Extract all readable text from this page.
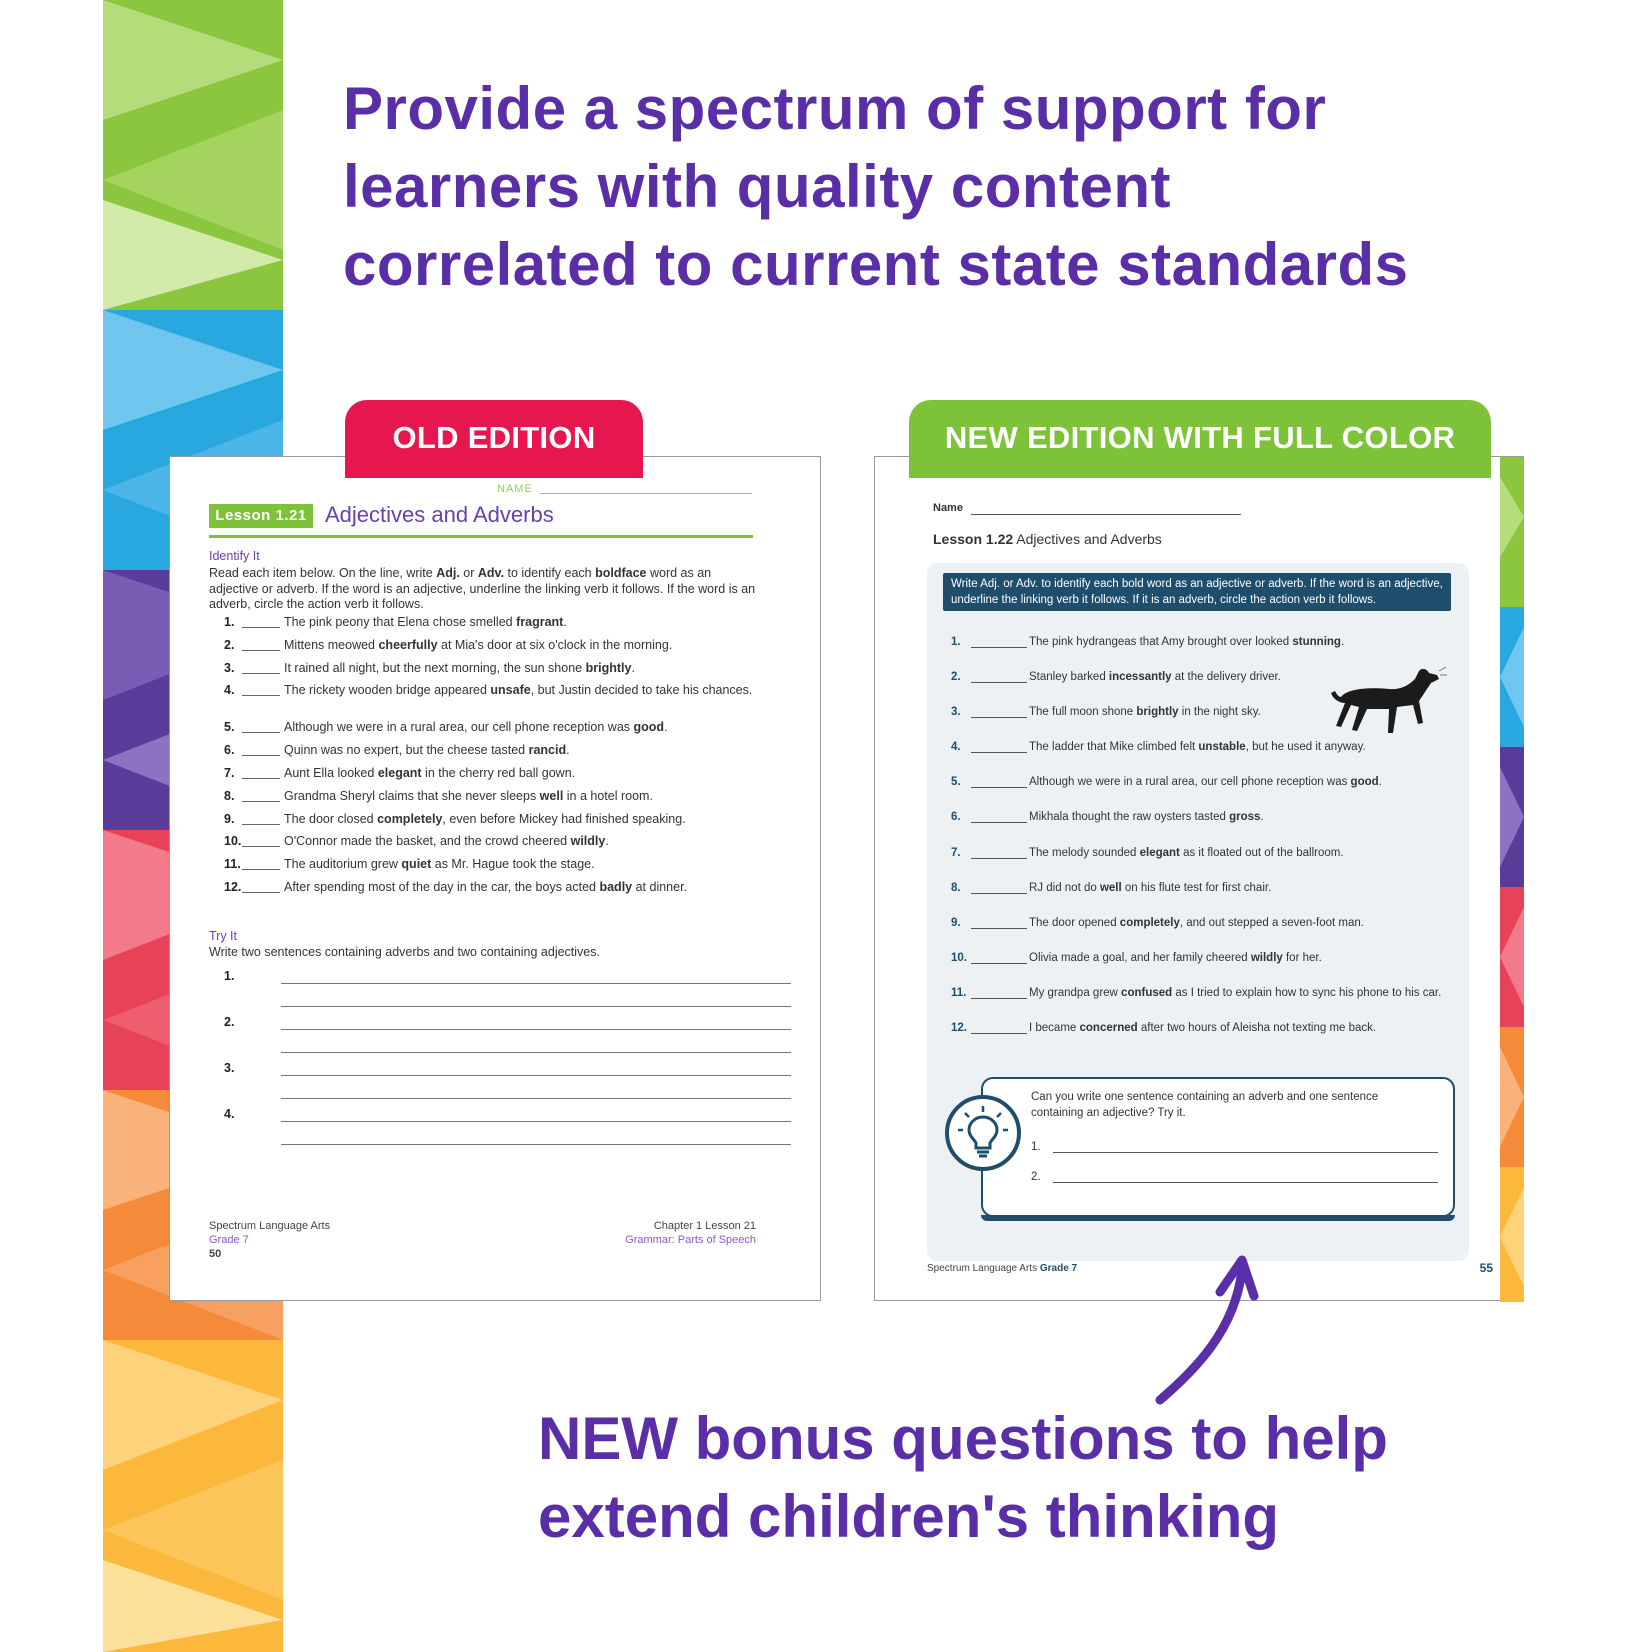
Provide a spectrum of support for
learners with quality content
correlated to current state standards
NAME
Lesson 1.21 Adjectives and Adverbs
Identify It

Read each item below. On the line, write Adj. or Adv. to identify each boldface word as an adjective or adverb. If the word is an adjective, underline the linking verb it follows. If the word is an adverb, circle the action verb it follows.

1.	The pink peony that Elena chose smelled fragrant.
2.	Mittens meowed cheerfully at Mia's door at six o'clock in the morning.
3.	It rained all night, but the next morning, the sun shone brightly.
4.	The rickety wooden bridge appeared unsafe, but Justin decided to take his chances.
5.	Although we were in a rural area, our cell phone reception was good.
6.	Quinn was no expert, but the cheese tasted rancid.
7.	Aunt Ella looked elegant in the cherry red ball gown.
8.	Grandma Sheryl claims that she never sleeps well in a hotel room.
9.	The door closed completely, even before Mickey had finished speaking.
10.	O'Connor made the basket, and the crowd cheered wildly.
11.	The auditorium grew quiet as Mr. Hague took the stage.
12.	After spending most of the day in the car, the boys acted badly at dinner.
Try It
Write two sentences containing adverbs and two containing adjectives.
1.
2.
3.
4.
Spectrum Language Arts
Grade 7
50
Chapter 1 Lesson 21
Grammar: Parts of Speech
OLD EDITION
Name
Lesson 1.22 Adjectives and Adverbs
Write Adj. or Adv. to identify each bold word as an adjective or adverb. If the word is an adjective, underline the linking verb it follows. If it is an adverb, circle the action verb it follows.
1.	The pink hydrangeas that Amy brought over looked stunning.
2.	Stanley barked incessantly at the delivery driver.
3.	The full moon shone brightly in the night sky.
4.	The ladder that Mike climbed felt unstable, but he used it anyway.
5.	Although we were in a rural area, our cell phone reception was good.
6.	Mikhala thought the raw oysters tasted gross.
7.	The melody sounded elegant as it floated out of the ballroom.
8.	RJ did not do well on his flute test for first chair.
9.	The door opened completely, and out stepped a seven-foot man.
10.	Olivia made a goal, and her family cheered wildly for her.
11.	My grandpa grew confused as I tried to explain how to sync his phone to his car.
12.	I became concerned after two hours of Aleisha not texting me back.
Can you write one sentence containing an adverb and one sentence containing an adjective? Try it.
1.
2.
Spectrum Language Arts Grade 7	55
NEW EDITION WITH FULL COLOR
NEW bonus questions to help
extend children's thinking
